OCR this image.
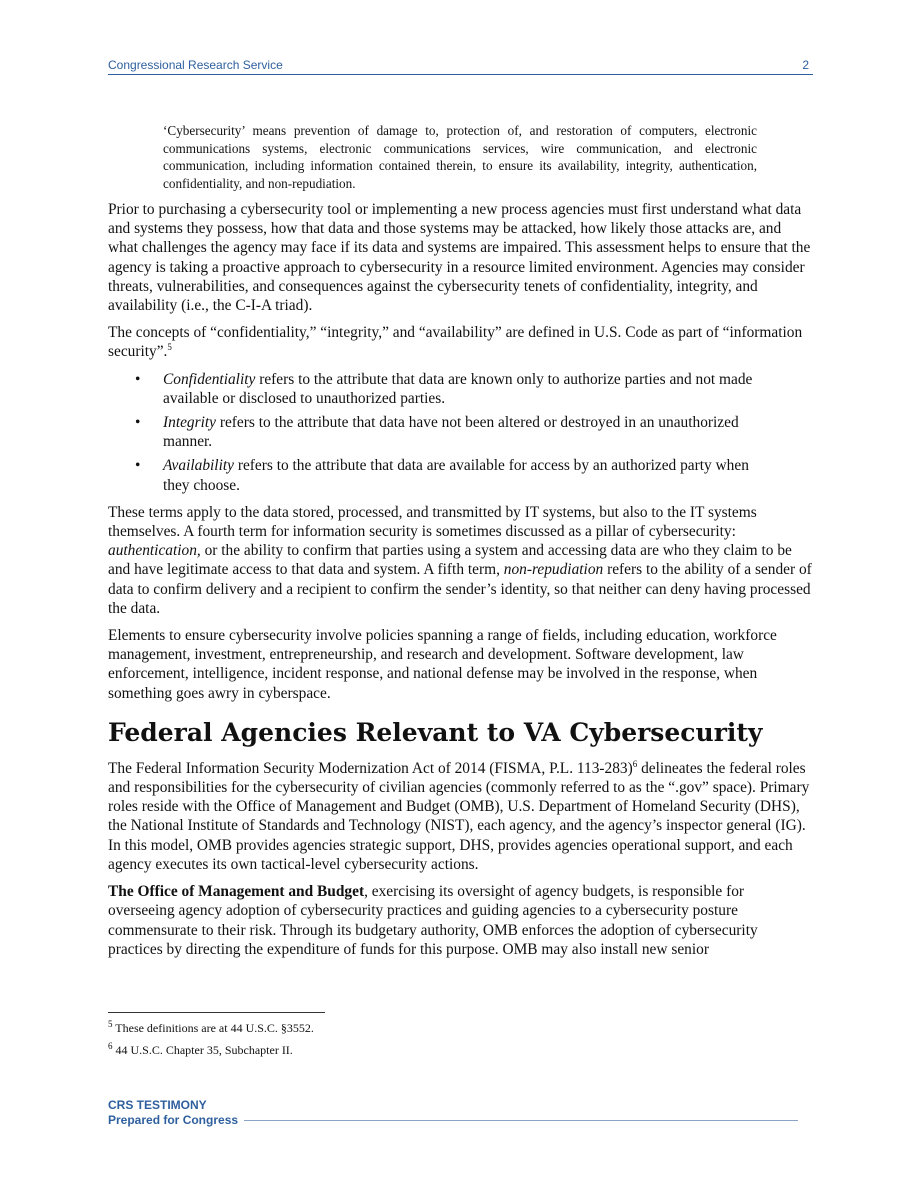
Congressional Research Service	2
‘Cybersecurity’ means prevention of damage to, protection of, and restoration of computers, electronic communications systems, electronic communications services, wire communication, and electronic communication, including information contained therein, to ensure its availability, integrity, authentication, confidentiality, and non-repudiation.

Prior to purchasing a cybersecurity tool or implementing a new process agencies must first understand what data and systems they possess, how that data and those systems may be attacked, how likely those attacks are, and what challenges the agency may face if its data and systems are impaired. This assessment helps to ensure that the agency is taking a proactive approach to cybersecurity in a resource limited environment. Agencies may consider threats, vulnerabilities, and consequences against the cybersecurity tenets of confidentiality, integrity, and availability (i.e., the C-I-A triad).

The concepts of “confidentiality,” “integrity,” and “availability” are defined in U.S. Code as part of “information security”.$^5$

• Confidentiality refers to the attribute that data are known only to authorize parties and not made available or disclosed to unauthorized parties.
• Integrity refers to the attribute that data have not been altered or destroyed in an unauthorized manner.
• Availability refers to the attribute that data are available for access by an authorized party when they choose.

These terms apply to the data stored, processed, and transmitted by IT systems, but also to the IT systems themselves. A fourth term for information security is sometimes discussed as a pillar of cybersecurity: authentication, or the ability to confirm that parties using a system and accessing data are who they claim to be and have legitimate access to that data and system. A fifth term, non-repudiation refers to the ability of a sender of data to confirm delivery and a recipient to confirm the sender’s identity, so that neither can deny having processed the data.

Elements to ensure cybersecurity involve policies spanning a range of fields, including education, workforce management, investment, entrepreneurship, and research and development. Software development, law enforcement, intelligence, incident response, and national defense may be involved in the response, when something goes awry in cyberspace.

Federal Agencies Relevant to VA Cybersecurity

The Federal Information Security Modernization Act of 2014 (FISMA, P.L. 113-283)$^6$ delineates the federal roles and responsibilities for the cybersecurity of civilian agencies (commonly referred to as the “.gov” space). Primary roles reside with the Office of Management and Budget (OMB), U.S. Department of Homeland Security (DHS), the National Institute of Standards and Technology (NIST), each agency, and the agency’s inspector general (IG). In this model, OMB provides agencies strategic support, DHS, provides agencies operational support, and each agency executes its own tactical-level cybersecurity actions.

The Office of Management and Budget, exercising its oversight of agency budgets, is responsible for overseeing agency adoption of cybersecurity practices and guiding agencies to a cybersecurity posture commensurate to their risk. Through its budgetary authority, OMB enforces the adoption of cybersecurity practices by directing the expenditure of funds for this purpose. OMB may also install new senior

$^5$ These definitions are at 44 U.S.C. §3552.
$^6$ 44 U.S.C. Chapter 35, Subchapter II.
CRS TESTIMONY
Prepared for Congress
